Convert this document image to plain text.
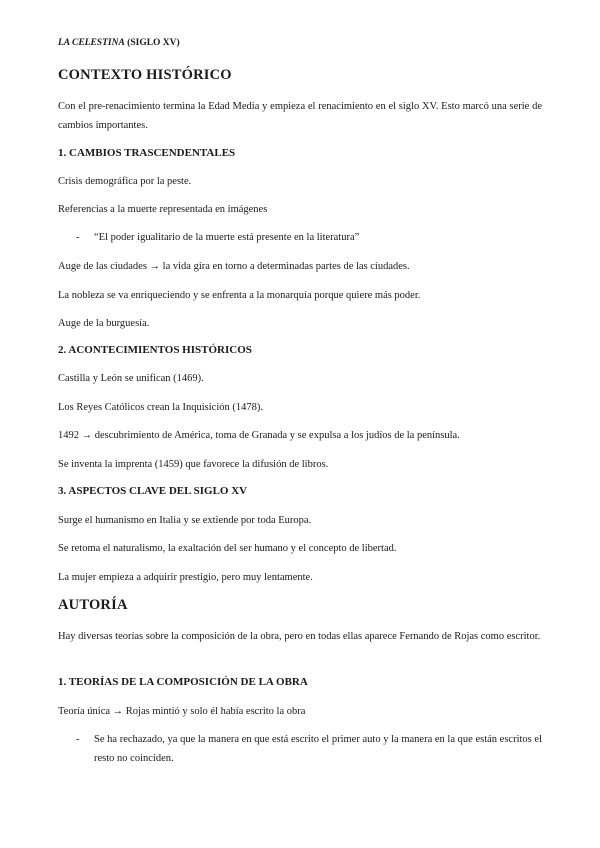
LA CELESTINA (SIGLO XV)
CONTEXTO HISTÓRICO

Con el pre-renacimiento termina la Edad Media y empieza el renacimiento en el siglo XV. Esto marcó una serie de cambios importantes.

1. CAMBIOS TRASCENDENTALES

Crisis demográfica por la peste.

Referencias a la muerte representada en imágenes

- “El poder igualitario de la muerte está presente en la literatura”

Auge de las ciudades → la vida gira en torno a determinadas partes de las ciudades.

La nobleza se va enriqueciendo y se enfrenta a la monarquía porque quiere más poder.

Auge de la burguesía.

2. ACONTECIMIENTOS HISTÓRICOS

Castilla y León se unifican (1469).

Los Reyes Católicos crean la Inquisición (1478).

1492 → descubrimiento de América, toma de Granada y se expulsa a los judíos de la península.

Se inventa la imprenta (1459) que favorece la difusión de libros.

3. ASPECTOS CLAVE DEL SIGLO XV

Surge el humanismo en Italia y se extiende por toda Europa.

Se retoma el naturalismo, la exaltación del ser humano y el concepto de libertad.

La mujer empieza a adquirir prestigio, pero muy lentamente.

AUTORÍA

Hay diversas teorías sobre la composición de la obra, pero en todas ellas aparece Fernando de Rojas como escritor.

1. TEORÍAS DE LA COMPOSICIÓN DE LA OBRA

Teoría única → Rojas mintió y solo él había escrito la obra

- Se ha rechazado, ya que la manera en que está escrito el primer auto y la manera en la que están escritos el resto no coinciden.
